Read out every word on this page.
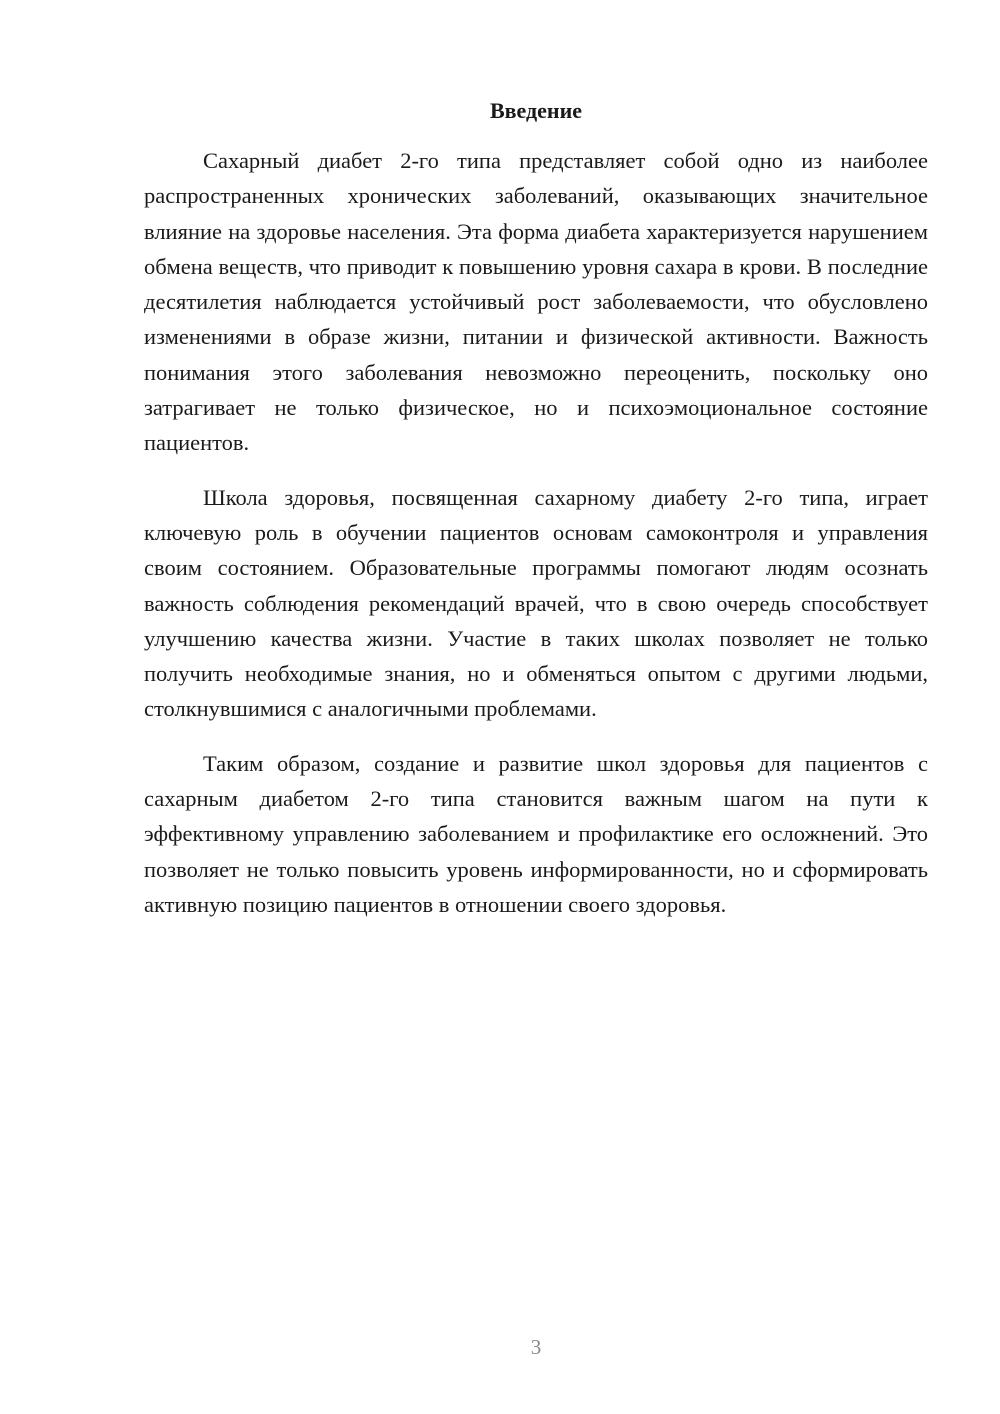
Введение

Сахарный диабет 2-го типа представляет собой одно из наиболее распространенных хронических заболеваний, оказывающих значительное влияние на здоровье населения. Эта форма диабета характеризуется нарушением обмена веществ, что приводит к повышению уровня сахара в крови. В последние десятилетия наблюдается устойчивый рост заболеваемости, что обусловлено изменениями в образе жизни, питании и физической активности. Важность понимания этого заболевания невозможно переоценить, поскольку оно затрагивает не только физическое, но и психоэмоциональное состояние пациентов.

Школа здоровья, посвященная сахарному диабету 2-го типа, играет ключевую роль в обучении пациентов основам самоконтроля и управления своим состоянием. Образовательные программы помогают людям осознать важность соблюдения рекомендаций врачей, что в свою очередь способствует улучшению качества жизни. Участие в таких школах позволяет не только получить необходимые знания, но и обменяться опытом с другими людьми, столкнувшимися с аналогичными проблемами.

Таким образом, создание и развитие школ здоровья для пациентов с сахарным диабетом 2-го типа становится важным шагом на пути к эффективному управлению заболеванием и профилактике его осложнений. Это позволяет не только повысить уровень информированности, но и сформировать активную позицию пациентов в отношении своего здоровья.

3
